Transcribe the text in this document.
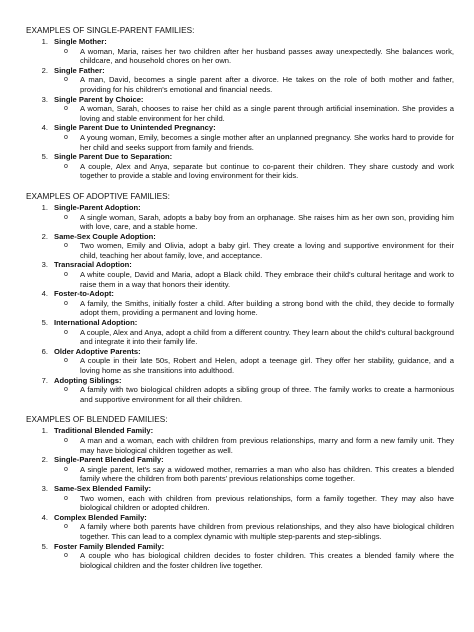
EXAMPLES OF SINGLE-PARENT FAMILIES:
1. Single Mother:
o	A woman, Maria, raises her two children after her husband passes away unexpectedly. She balances work, childcare, and household chores on her own.
2. Single Father:
o	A man, David, becomes a single parent after a divorce. He takes on the role of both mother and father, providing for his children's emotional and financial needs.
3. Single Parent by Choice:
o	A woman, Sarah, chooses to raise her child as a single parent through artificial insemination. She provides a loving and stable environment for her child.
4. Single Parent Due to Unintended Pregnancy:
o	A young woman, Emily, becomes a single mother after an unplanned pregnancy. She works hard to provide for her child and seeks support from family and friends.
5. Single Parent Due to Separation:
o	A couple, Alex and Anya, separate but continue to co-parent their children. They share custody and work together to provide a stable and loving environment for their kids.
EXAMPLES OF ADOPTIVE FAMILIES:
1. Single-Parent Adoption:
o	A single woman, Sarah, adopts a baby boy from an orphanage. She raises him as her own son, providing him with love, care, and a stable home.
2. Same-Sex Couple Adoption:
o	Two women, Emily and Olivia, adopt a baby girl. They create a loving and supportive environment for their child, teaching her about family, love, and acceptance.
3. Transracial Adoption:
o	A white couple, David and Maria, adopt a Black child. They embrace their child's cultural heritage and work to raise them in a way that honors their identity.
4. Foster-to-Adopt:
o	A family, the Smiths, initially foster a child. After building a strong bond with the child, they decide to formally adopt them, providing a permanent and loving home.
5. International Adoption:
o	A couple, Alex and Anya, adopt a child from a different country. They learn about the child's cultural background and integrate it into their family life.
6. Older Adoptive Parents:
o	A couple in their late 50s, Robert and Helen, adopt a teenage girl. They offer her stability, guidance, and a loving home as she transitions into adulthood.
7. Adopting Siblings:
o	A family with two biological children adopts a sibling group of three. The family works to create a harmonious and supportive environment for all their children.
EXAMPLES OF BLENDED FAMILIES:
1. Traditional Blended Family:
o	A man and a woman, each with children from previous relationships, marry and form a new family unit. They may have biological children together as well.
2. Single-Parent Blended Family:
o	A single parent, let's say a widowed mother, remarries a man who also has children. This creates a blended family where the children from both parents' previous relationships come together.
3. Same-Sex Blended Family:
o	Two women, each with children from previous relationships, form a family together. They may also have biological children or adopted children.
4. Complex Blended Family:
o	A family where both parents have children from previous relationships, and they also have biological children together. This can lead to a complex dynamic with multiple step-parents and step-siblings.
5. Foster Family Blended Family:
o	A couple who has biological children decides to foster children. This creates a blended family where the biological children and the foster children live together.
